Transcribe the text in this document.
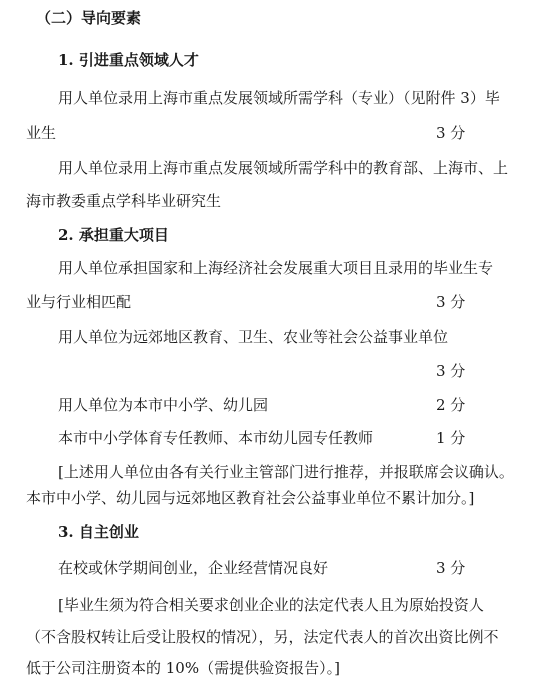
（二）导向要素
1. 引进重点领域人才
用人单位录用上海市重点发展领域所需学科（专业）（见附件 3）毕
业生	3 分
用人单位录用上海市重点发展领域所需学科中的教育部、上海市、上
海市教委重点学科毕业研究生
2. 承担重大项目
用人单位承担国家和上海经济社会发展重大项目且录用的毕业生专
业与行业相匹配	3 分
用人单位为远郊地区教育、卫生、农业等社会公益事业单位
3 分
用人单位为本市中小学、幼儿园	2 分
本市中小学体育专任教师、本市幼儿园专任教师	1 分
[上述用人单位由各有关行业主管部门进行推荐，并报联席会议确认。
本市中小学、幼儿园与远郊地区教育社会公益事业单位不累计加分。]
3. 自主创业
在校或休学期间创业，企业经营情况良好	3 分
[毕业生须为符合相关要求创业企业的法定代表人且为原始投资人
（不含股权转让后受让股权的情况），另，法定代表人的首次出资比例不
低于公司注册资本的 10%（需提供验资报告）。]
